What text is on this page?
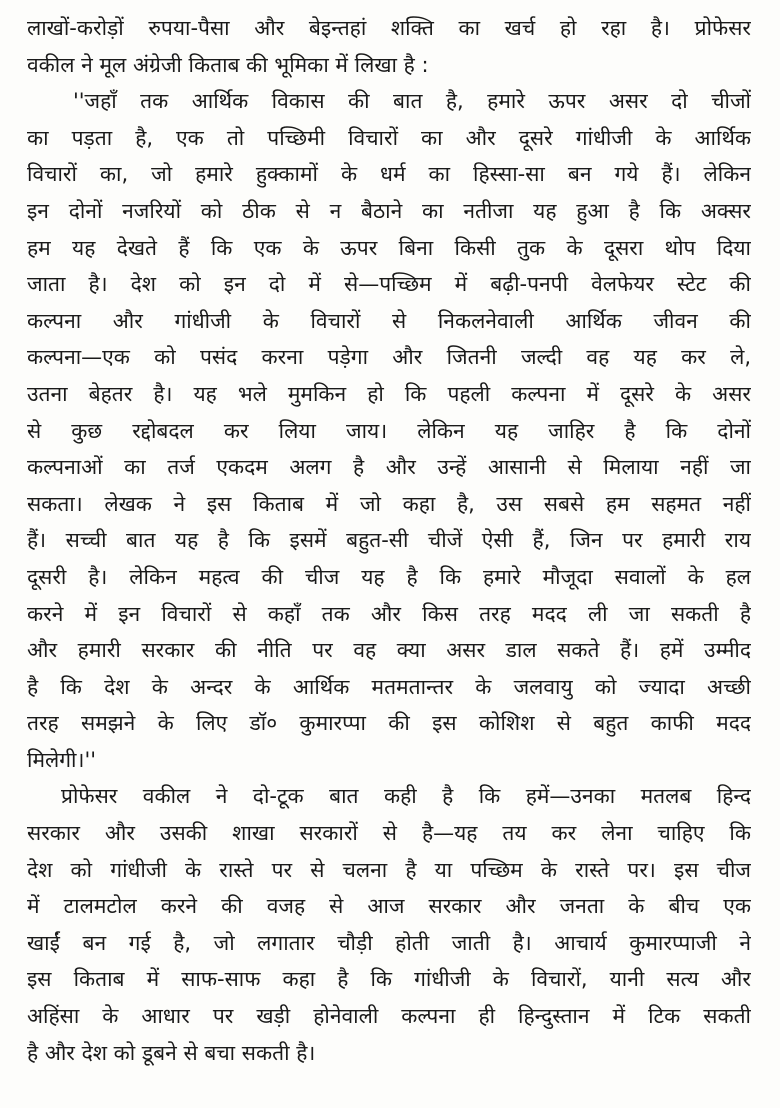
लाखों-करोड़ों रुपया-पैसा और बेइन्तहां शक्ति का खर्च हो रहा है। प्रोफेसर
वकील ने मूल अंग्रेजी किताब की भूमिका में लिखा है :
''जहाँ तक आर्थिक विकास की बात है, हमारे ऊपर असर दो चीजों
का पड़ता है, एक तो पच्छिमी विचारों का और दूसरे गांधीजी के आर्थिक
विचारों का, जो हमारे हुक्कामों के धर्म का हिस्सा-सा बन गये हैं। लेकिन
इन दोनों नजरियों को ठीक से न बैठाने का नतीजा यह हुआ है कि अक्सर
हम यह देखते हैं कि एक के ऊपर बिना किसी तुक के दूसरा थोप दिया
जाता है। देश को इन दो में से—पच्छिम में बढ़ी-पनपी वेलफेयर स्टेट की
कल्पना और गांधीजी के विचारों से निकलनेवाली आर्थिक जीवन की
कल्पना—एक को पसंद करना पड़ेगा और जितनी जल्दी वह यह कर ले,
उतना बेहतर है। यह भले मुमकिन हो कि पहली कल्पना में दूसरे के असर
से कुछ रद्दोबदल कर लिया जाय। लेकिन यह जाहिर है कि दोनों
कल्पनाओं का तर्ज एकदम अलग है और उन्हें आसानी से मिलाया नहीं जा
सकता। लेखक ने इस किताब में जो कहा है, उस सबसे हम सहमत नहीं
हैं। सच्ची बात यह है कि इसमें बहुत-सी चीजें ऐसी हैं, जिन पर हमारी राय
दूसरी है। लेकिन महत्व की चीज यह है कि हमारे मौजूदा सवालों के हल
करने में इन विचारों से कहाँ तक और किस तरह मदद ली जा सकती है
और हमारी सरकार की नीति पर वह क्या असर डाल सकते हैं। हमें उम्मीद
है कि देश के अन्दर के आर्थिक मतमतान्तर के जलवायु को ज्यादा अच्छी
तरह समझने के लिए डॉ० कुमारप्पा की इस कोशिश से बहुत काफी मदद
मिलेगी।''
प्रोफेसर वकील ने दो-टूक बात कही है कि हमें—उनका मतलब हिन्द
सरकार और उसकी शाखा सरकारों से है—यह तय कर लेना चाहिए कि
देश को गांधीजी के रास्ते पर से चलना है या पच्छिम के रास्ते पर। इस चीज
में टालमटोल करने की वजह से आज सरकार और जनता के बीच एक
खाईं बन गई है, जो लगातार चौड़ी होती जाती है। आचार्य कुमारप्पाजी ने
इस किताब में साफ-साफ कहा है कि गांधीजी के विचारों, यानी सत्य और
अहिंसा के आधार पर खड़ी होनेवाली कल्पना ही हिन्दुस्तान में टिक सकती
है और देश को डूबने से बचा सकती है।
